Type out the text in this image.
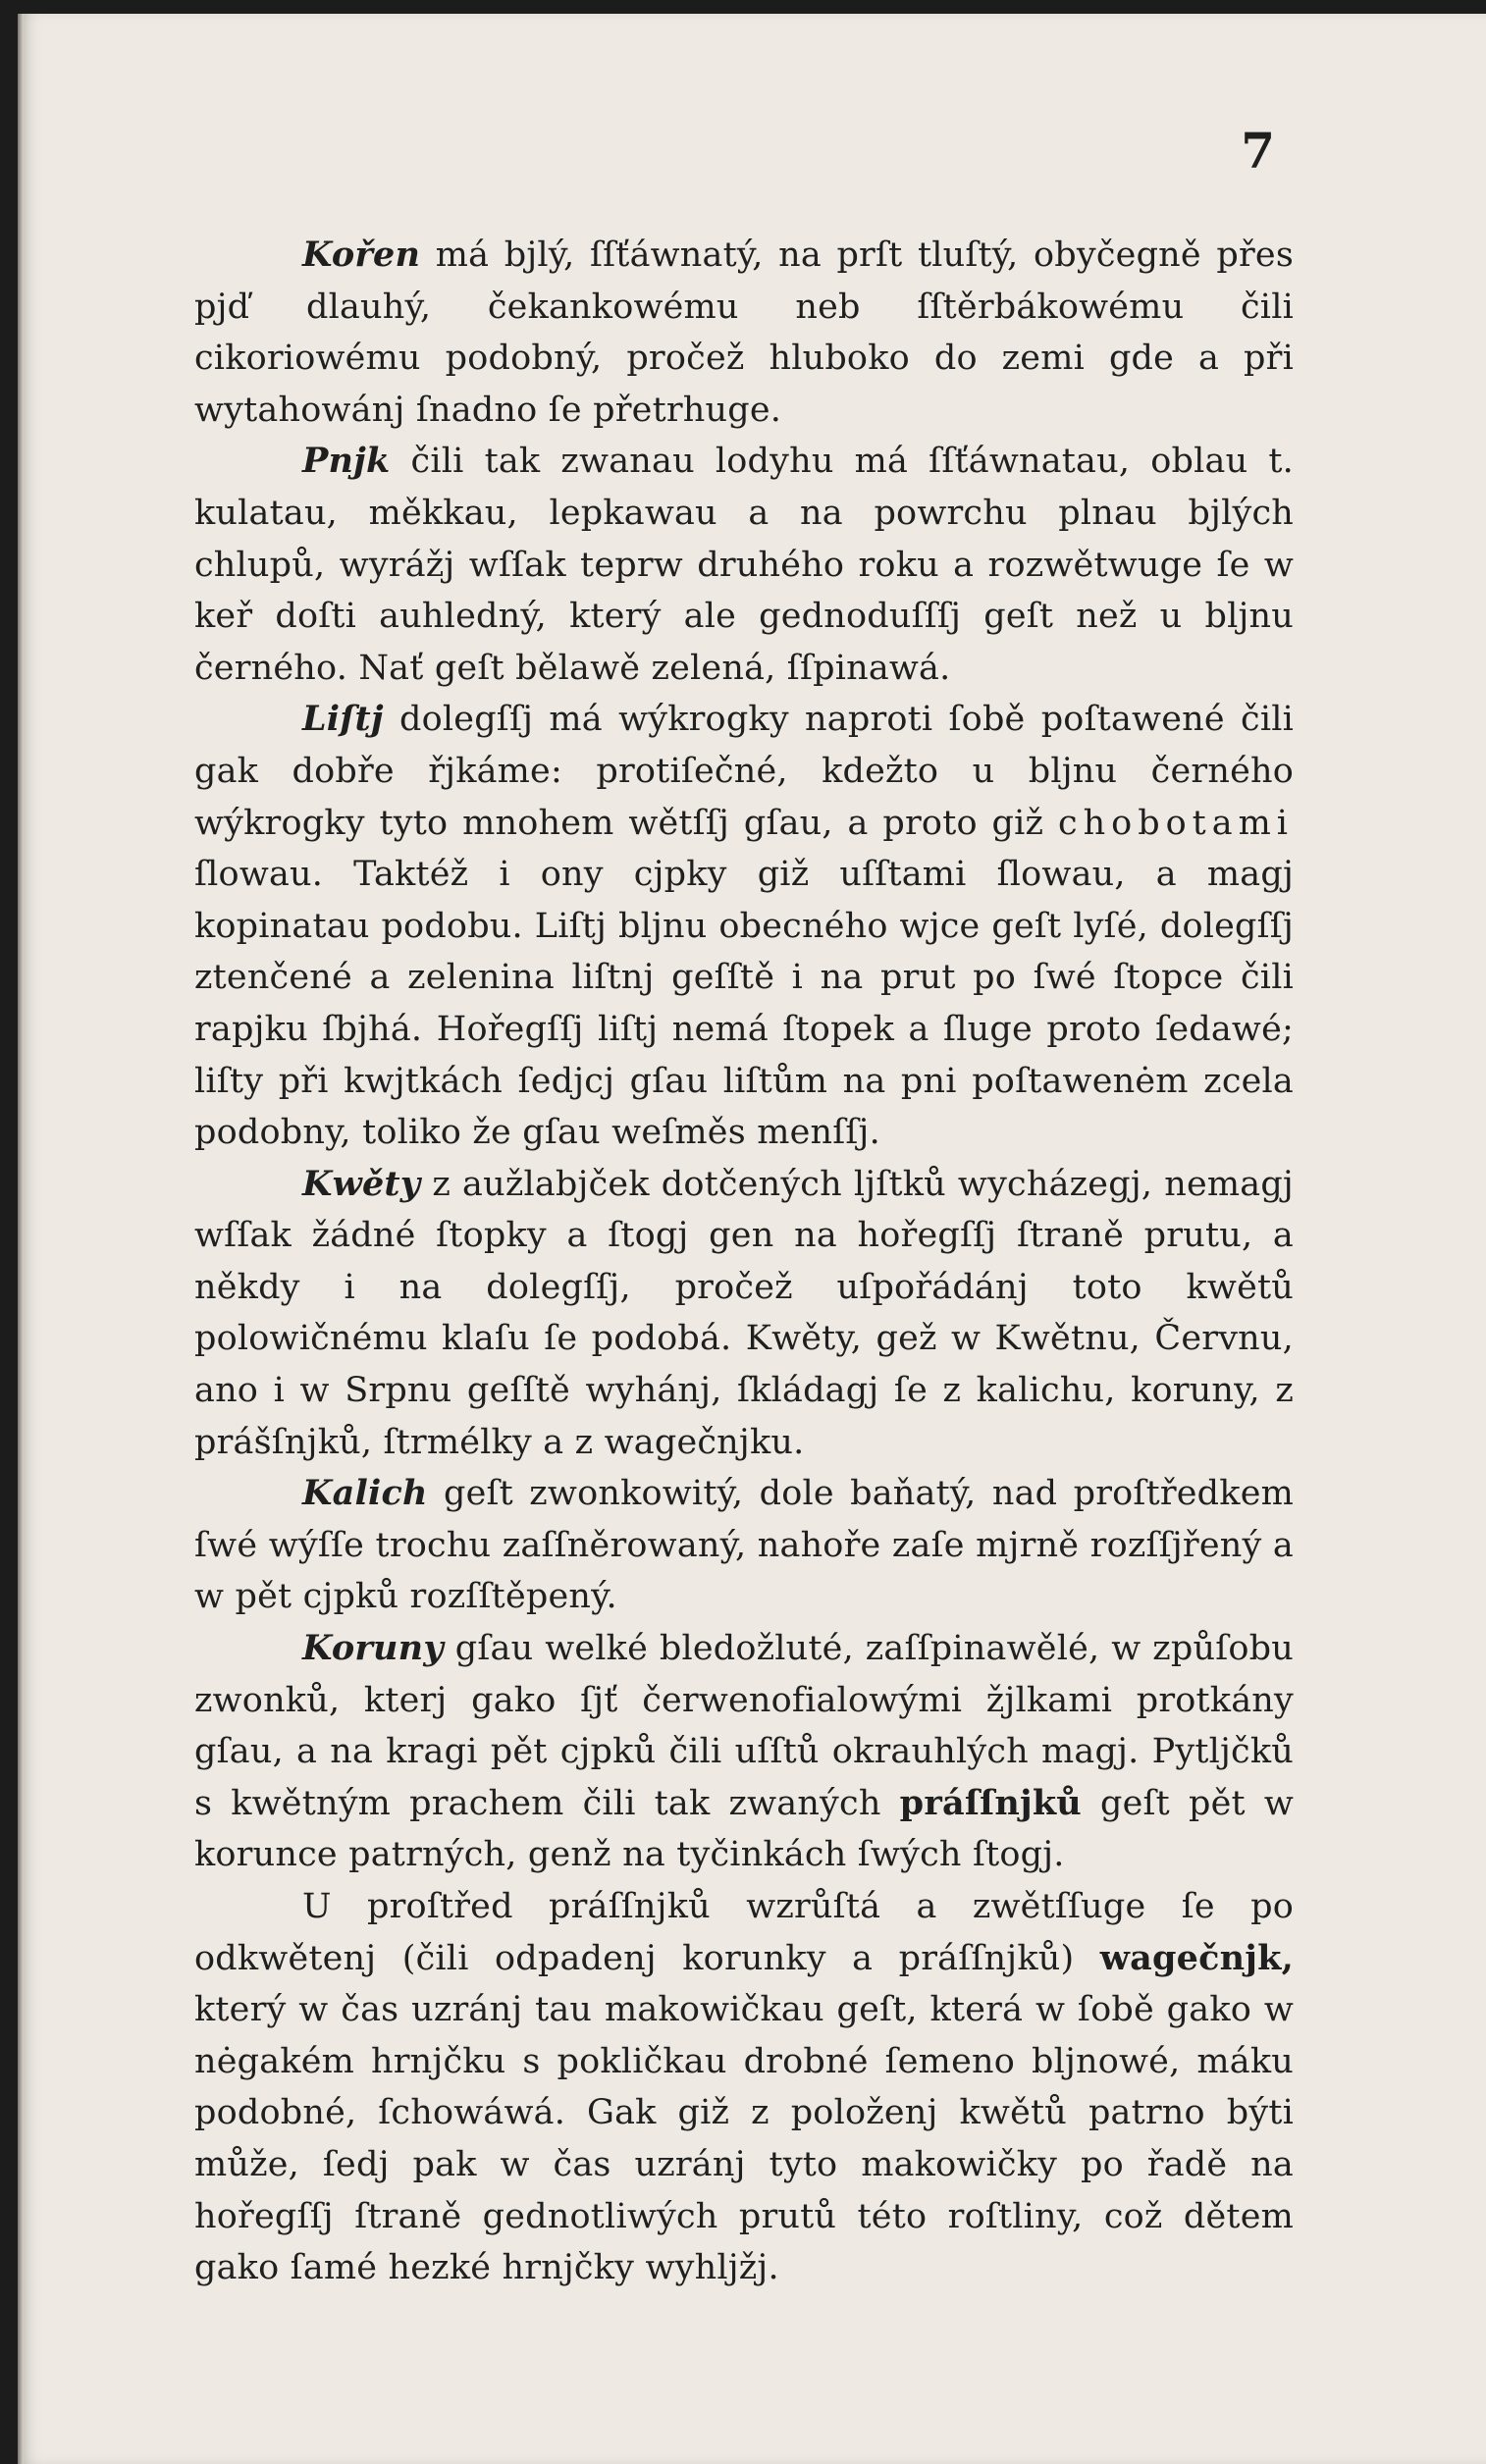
7

Kořen má bjlý, ſſťáwnatý, na prſt tluſtý, obyčegně přes pjď dlauhý, čekankowému neb ſſtěrbákowému čili cikoriowému podobný, pročež hluboko do zemi gde a při wytahowánj ſnadno ſe přetrhuge.

Pnjk čili tak zwanau lodyhu má ſſťáwnatau, oblau t. kulatau, měkkau, lepkawau a na powrchu plnau bjlých chlupů, wyrážj wſſak teprw druhého roku a rozwětwuge ſe w keř doſti auhledný, který ale gednoduſſſj geſt než u bljnu černého. Nať geſt bělawě zelená, ſſpinawá.

Liſtj dolegſſj má wýkrogky naproti ſobě poſtawené čili gak dobře řjkáme: protiſečné, kdežto u bljnu černého wýkrogky tyto mnohem wětſſj gſau, a proto giž chobotami ſlowau. Taktéž i ony cjpky giž uſſtami ſlowau, a magj kopinatau podobu. Liſtj bljnu obecného wjce geſt lyſé, dolegſſj ztenčené a zelenina liſtnj geſſtě i na prut po ſwé ſtopce čili rapjku ſbjhá. Hořegſſj liſtj nemá ſtopek a ſluge proto ſedawé; liſty při kwjtkách ſedjcj gſau liſtům na pni poſtawenėm zcela podobny, toliko že gſau weſměs menſſj.

Kwěty z aužlabjček dotčených ljſtků wycházegj, nemagj wſſak žádné ſtopky a ſtogj gen na hořegſſj ſtraně prutu, a někdy i na dolegſſj, pročež uſpořádánj toto kwětů polowičnému klaſu ſe podobá. Kwěty, gež w Kwětnu, Červnu, ano i w Srpnu geſſtě wyhánj, ſkládagj ſe z kalichu, koruny, z prášſnjků, ſtrmélky a z wagečnjku.

Kalich geſt zwonkowitý, dole baňatý, nad proſtředkem ſwé wýſſe trochu zaſſněrowaný, nahoře zaſe mjrně rozſſjřený a w pět cjpků rozſſtěpený.

Koruny gſau welké bledožluté, zaſſpinawělé, w způſobu zwonků, kterj gako ſjť čerwenofialowými žjlkami protkány gſau, a na kragi pět cjpků čili uſſtů okrauhlých magj. Pytljčků s kwětným prachem čili tak zwaných práſſnjků geſt pět w korunce patrných, genž na tyčinkách ſwých ſtogj.

U proſtřed práſſnjků wzrůſtá a zwětſſuge ſe po odkwětenj (čili odpadenj korunky a práſſnjků) wagečnjk, který w čas uzránj tau makowičkau geſt, která w ſobě gako w nėgakém hrnjčku s pokličkau drobné ſemeno bljnowé, máku podobné, ſchowáwá. Gak giž z položenj kwětů patrno býti může, ſedj pak w čas uzránj tyto makowičky po řadě na hořegſſj ſtraně gednotliwých prutů této roſtliny, což dětem gako ſamé hezké hrnjčky wyhljžj.
